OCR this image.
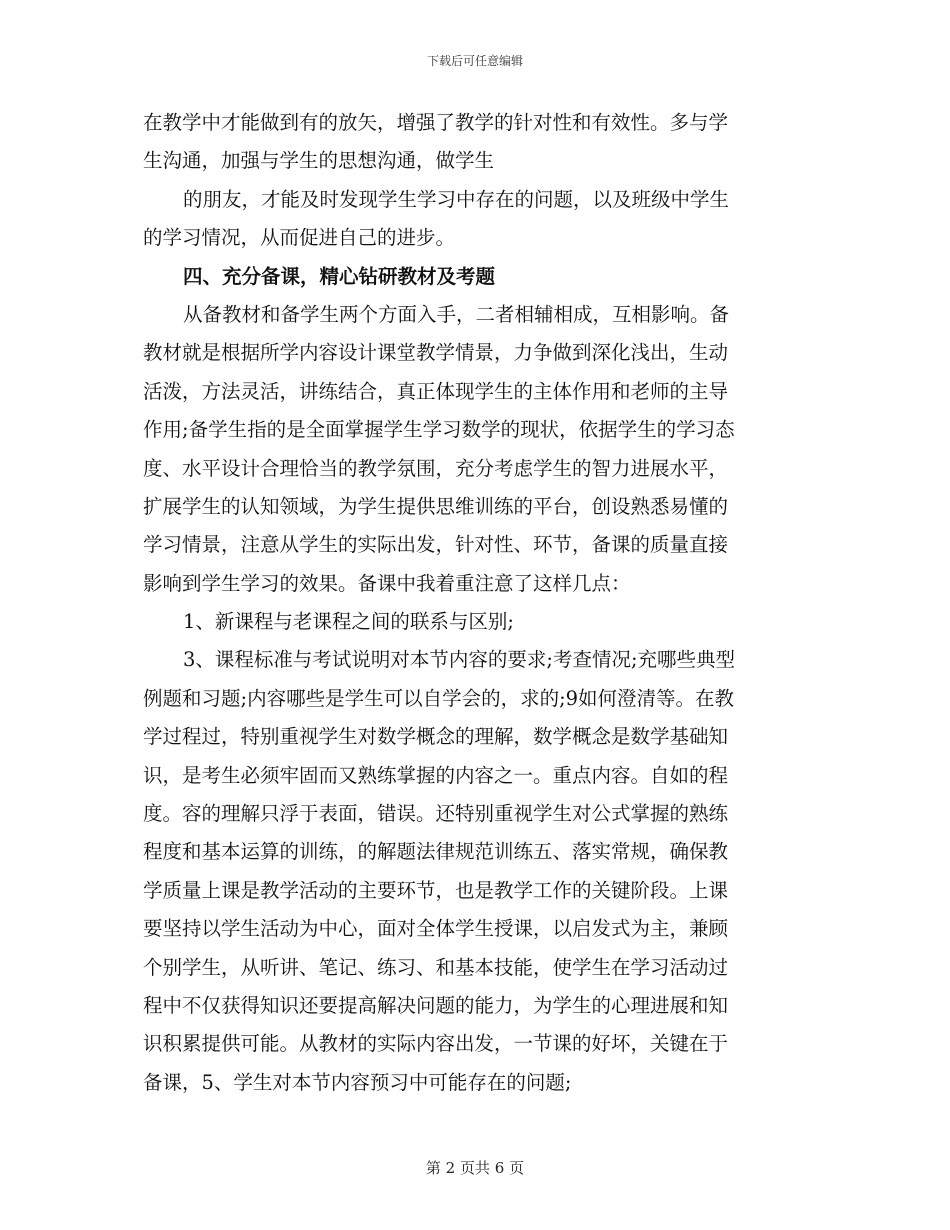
下载后可任意编辑
在教学中才能做到有的放矢，增强了教学的针对性和有效性。多与学
生沟通，加强与学生的思想沟通，做学生
的朋友，才能及时发现学生学习中存在的问题，以及班级中学生
的学习情况，从而促进自己的进步。
四、充分备课，精心钻研教材及考题
从备教材和备学生两个方面入手，二者相辅相成，互相影响。备
教材就是根据所学内容设计课堂教学情景，力争做到深化浅出，生动
活泼，方法灵活，讲练结合，真正体现学生的主体作用和老师的主导
作用;备学生指的是全面掌握学生学习数学的现状，依据学生的学习态
度、水平设计合理恰当的教学氛围，充分考虑学生的智力进展水平，
扩展学生的认知领域，为学生提供思维训练的平台，创设熟悉易懂的
学习情景，注意从学生的实际出发，针对性、环节，备课的质量直接
影响到学生学习的效果。备课中我着重注意了这样几点：
1、新课程与老课程之间的联系与区别;
3、课程标准与考试说明对本节内容的要求;考查情况;充哪些典型
例题和习题;内容哪些是学生可以自学会的，求的;9如何澄清等。在教
学过程过，特别重视学生对数学概念的理解，数学概念是数学基础知
识，是考生必须牢固而又熟练掌握的内容之一。重点内容。自如的程
度。容的理解只浮于表面，错误。还特别重视学生对公式掌握的熟练
程度和基本运算的训练，的解题法律规范训练五、落实常规，确保教
学质量上课是教学活动的主要环节，也是教学工作的关键阶段。上课
要坚持以学生活动为中心，面对全体学生授课，以启发式为主，兼顾
个别学生，从听讲、笔记、练习、和基本技能，使学生在学习活动过
程中不仅获得知识还要提高解决问题的能力，为学生的心理进展和知
识积累提供可能。从教材的实际内容出发，一节课的好坏，关键在于
备课，5、学生对本节内容预习中可能存在的问题;
第 2 页共 6 页
